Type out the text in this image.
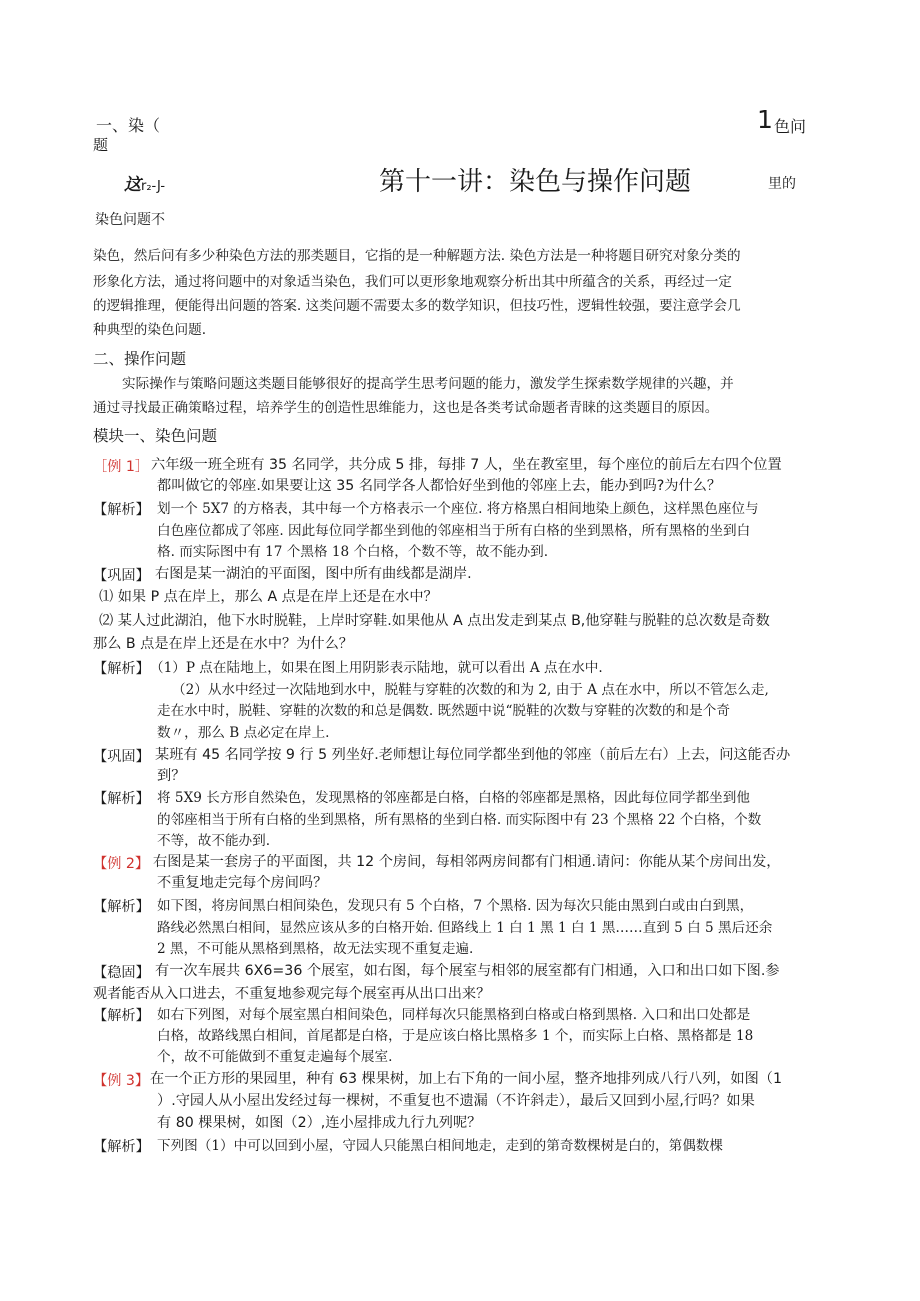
一、染（
题
1 色问
这r₂-J-	第十一讲：染色与操作问题	里的
染色问题不
染色，然后问有多少种染色方法的那类题目，它指的是一种解题方法. 染色方法是一种将题目研究对象分类的
形象化方法，通过将问题中的对象适当染色，我们可以更形象地观察分析出其中所蕴含的关系，再经过一定
的逻辑推理，便能得出问题的答案. 这类问题不需要太多的数学知识，但技巧性，逻辑性较强，要注意学会几
种典型的染色问题.
二、操作问题
实际操作与策略问题这类题目能够很好的提高学生思考问题的能力，激发学生探索数学规律的兴趣，并
通过寻找最正确策略过程，培养学生的创造性思维能力，这也是各类考试命题者青睐的这类题目的原因。
模块一、染色问题
［例 1］ 六年级一班全班有 35 名同学，共分成 5 排，每排 7 人，坐在教室里，每个座位的前后左右四个位置
都叫做它的邻座.如果要让这 35 名同学各人都恰好坐到他的邻座上去，能办到吗?为什么？
【解析】 划一个 5X7 的方格表，其中每一个方格表示一个座位. 将方格黑白相间地染上颜色，这样黑色座位与
白色座位都成了邻座. 因此每位同学都坐到他的邻座相当于所有白格的坐到黑格，所有黑格的坐到白
格. 而实际图中有 17 个黑格 18 个白格，个数不等，故不能办到.
【巩固】 右图是某一湖泊的平面图，图中所有曲线都是湖岸.
⑴ 如果 P 点在岸上，那么 A 点是在岸上还是在水中？
⑵ 某人过此湖泊，他下水时脱鞋，上岸时穿鞋.如果他从 A 点出发走到某点 B,他穿鞋与脱鞋的总次数是奇数
那么 B 点是在岸上还是在水中？为什么？
【解析】 （1）P 点在陆地上，如果在图上用阴影表示陆地，就可以看出 A 点在水中.
（2）从水中经过一次陆地到水中，脱鞋与穿鞋的次数的和为 2, 由于 A 点在水中，所以不管怎么走,
走在水中时，脱鞋、穿鞋的次数的和总是偶数. 既然题中说“脱鞋的次数与穿鞋的次数的和是个奇
数〃，那么 B 点必定在岸上.
【巩固】 某班有 45 名同学按 9 行 5 列坐好.老师想让每位同学都坐到他的邻座（前后左右）上去，问这能否办
到？
【解析】 将 5X9 长方形自然染色，发现黑格的邻座都是白格，白格的邻座都是黑格，因此每位同学都坐到他
的邻座相当于所有白格的坐到黑格，所有黑格的坐到白格. 而实际图中有 23 个黑格 22 个白格，个数
不等，故不能办到.
【例 2】 右图是某一套房子的平面图，共 12 个房间，每相邻两房间都有门相通.请问：你能从某个房间出发，
不重复地走完每个房间吗？
【解析】 如下图，将房间黑白相间染色，发现只有 5 个白格，7 个黑格. 因为每次只能由黑到白或由白到黑，
路线必然黑白相间，显然应该从多的白格开始. 但路线上 1 白 1 黑 1 白 1 黑……直到 5 白 5 黑后还余
2 黑，不可能从黑格到黑格，故无法实现不重复走遍.
【稳固】 有一次车展共 6X6=36 个展室，如右图，每个展室与相邻的展室都有门相通，入口和出口如下图.参
观者能否从入口进去，不重复地参观完每个展室再从出口出来？
【解析】 如右下列图，对每个展室黑白相间染色，同样每次只能黑格到白格或白格到黑格. 入口和出口处都是
白格，故路线黑白相间，首尾都是白格，于是应该白格比黑格多 1 个，而实际上白格、黑格都是 18
个，故不可能做到不重复走遍每个展室.
【例 3】 在一个正方形的果园里，种有 63 棵果树，加上右下角的一间小屋，整齐地排列成八行八列，如图（1
）.守园人从小屋出发经过每一棵树，不重复也不遗漏（不许斜走），最后又回到小屋,行吗？如果
有 80 棵果树，如图（2）,连小屋排成九行九列呢？
【解析】 下列图（1）中可以回到小屋，守园人只能黑白相间地走，走到的第奇数棵树是白的，第偶数棵
